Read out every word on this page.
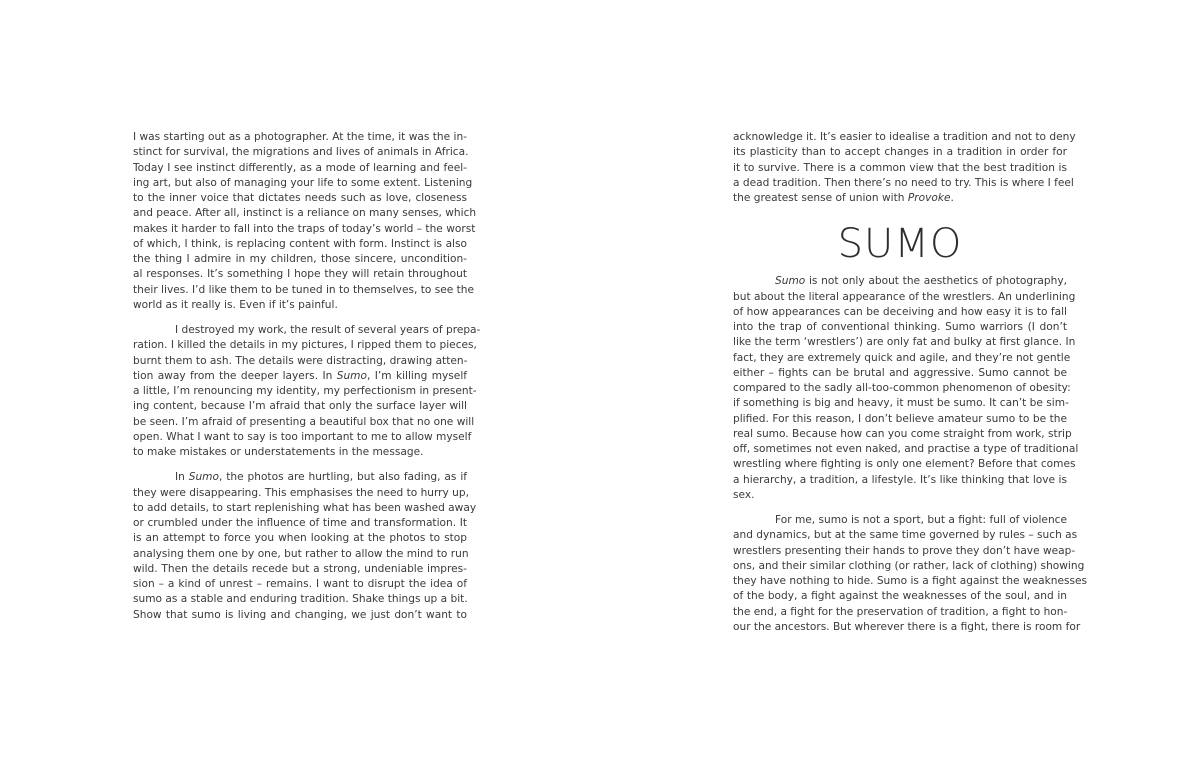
I was starting out as a photographer. At the time, it was the in-
stinct for survival, the migrations and lives of animals in Africa.
Today I see instinct differently, as a mode of learning and feel-
ing art, but also of managing your life to some extent. Listening
to the inner voice that dictates needs such as love, closeness
and peace. After all, instinct is a reliance on many senses, which
makes it harder to fall into the traps of today’s world – the worst
of which, I think, is replacing content with form. Instinct is also
the thing I admire in my children, those sincere, uncondition-
al responses. It’s something I hope they will retain throughout
their lives. I’d like them to be tuned in to themselves, to see the
world as it really is. Even if it’s painful.

I destroyed my work, the result of several years of prepa-
ration. I killed the details in my pictures, I ripped them to pieces,
burnt them to ash. The details were distracting, drawing atten-
tion away from the deeper layers. In Sumo, I’m killing myself
a little, I’m renouncing my identity, my perfectionism in present-
ing content, because I’m afraid that only the surface layer will
be seen. I’m afraid of presenting a beautiful box that no one will
open. What I want to say is too important to me to allow myself
to make mistakes or understatements in the message.

In Sumo, the photos are hurtling, but also fading, as if
they were disappearing. This emphasises the need to hurry up,
to add details, to start replenishing what has been washed away
or crumbled under the influence of time and transformation. It
is an attempt to force you when looking at the photos to stop
analysing them one by one, but rather to allow the mind to run
wild. Then the details recede but a strong, undeniable impres-
sion – a kind of unrest – remains. I want to disrupt the idea of
sumo as a stable and enduring tradition. Shake things up a bit.
Show that sumo is living and changing, we just don’t want to

acknowledge it. It’s easier to idealise a tradition and not to deny
its plasticity than to accept changes in a tradition in order for
it to survive. There is a common view that the best tradition is
a dead tradition. Then there’s no need to try. This is where I feel
the greatest sense of union with Provoke.

SUMO

Sumo is not only about the aesthetics of photography,
but about the literal appearance of the wrestlers. An underlining
of how appearances can be deceiving and how easy it is to fall
into the trap of conventional thinking. Sumo warriors (I don’t
like the term ‘wrestlers’) are only fat and bulky at first glance. In
fact, they are extremely quick and agile, and they’re not gentle
either – fights can be brutal and aggressive. Sumo cannot be
compared to the sadly all-too-common phenomenon of obesity:
if something is big and heavy, it must be sumo. It can’t be sim-
plified. For this reason, I don’t believe amateur sumo to be the
real sumo. Because how can you come straight from work, strip
off, sometimes not even naked, and practise a type of traditional
wrestling where fighting is only one element? Before that comes
a hierarchy, a tradition, a lifestyle. It’s like thinking that love is
sex.

For me, sumo is not a sport, but a fight: full of violence
and dynamics, but at the same time governed by rules – such as
wrestlers presenting their hands to prove they don’t have weap-
ons, and their similar clothing (or rather, lack of clothing) showing
they have nothing to hide. Sumo is a fight against the weaknesses
of the body, a fight against the weaknesses of the soul, and in
the end, a fight for the preservation of tradition, a fight to hon-
our the ancestors. But wherever there is a fight, there is room for
